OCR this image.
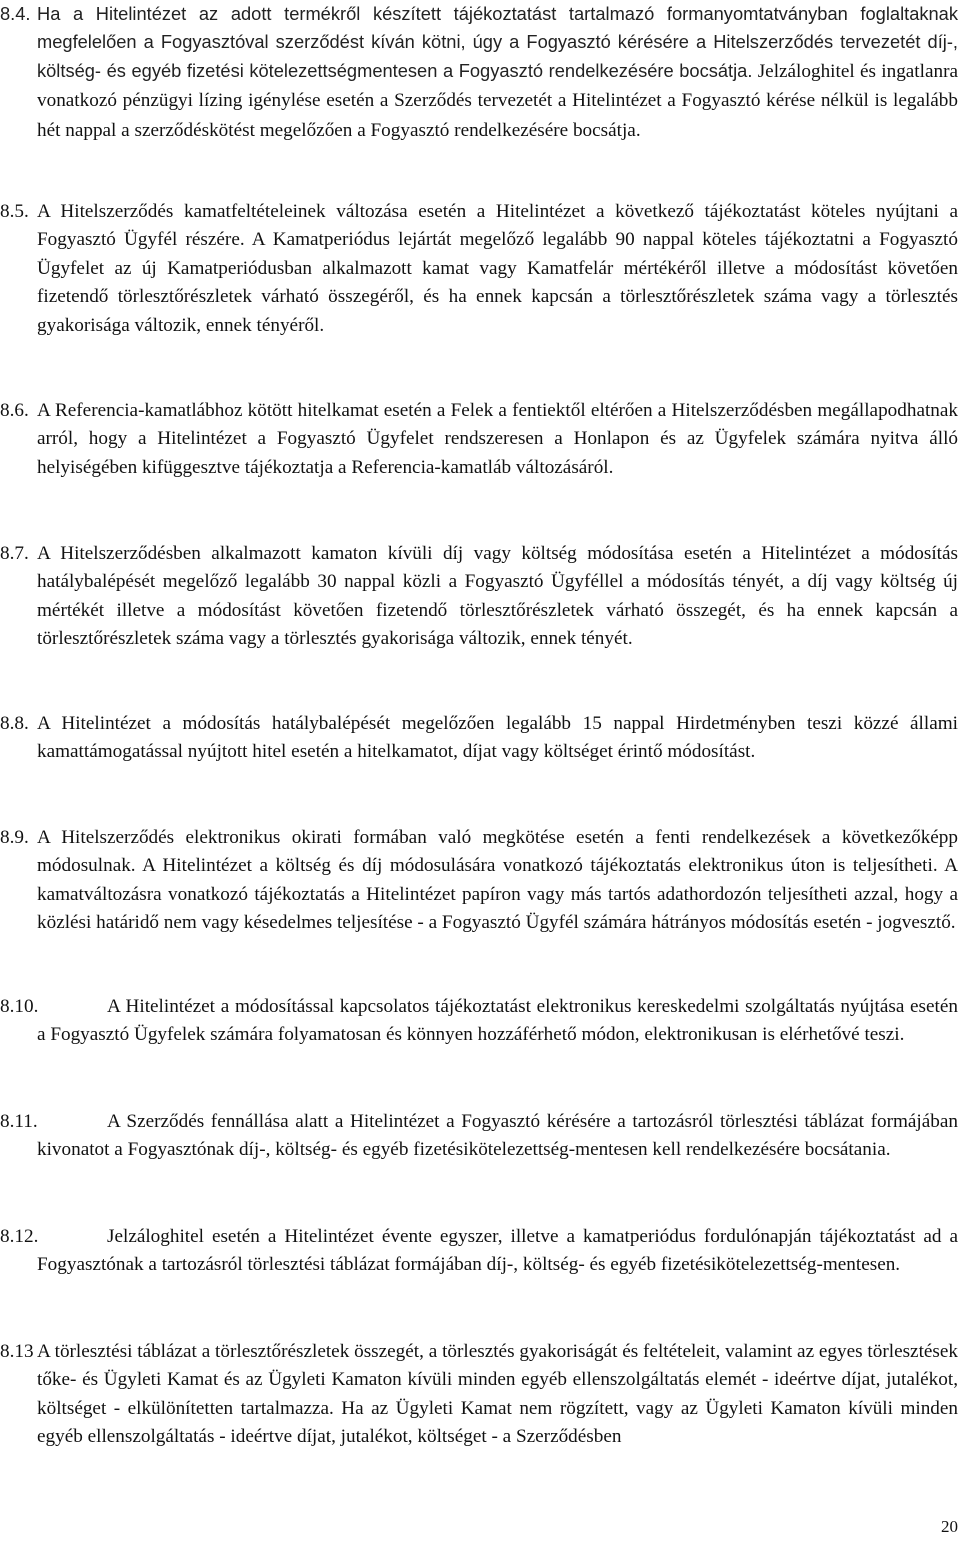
8.4. Ha a Hitelintézet az adott termékről készített tájékoztatást tartalmazó formanyomtatványban foglaltaknak megfelelően a Fogyasztóval szerződést kíván kötni, úgy a Fogyasztó kérésére a Hitelszerződés tervezetét díj-, költség- és egyéb fizetési kötelezettségmentesen a Fogyasztó rendelkezésére bocsátja. Jelzáloghitel és ingatlanra vonatkozó pénzügyi lízing igénylése esetén a Szerződés tervezetét a Hitelintézet a Fogyasztó kérése nélkül is legalább hét nappal a szerződéskötést megelőzően a Fogyasztó rendelkezésére bocsátja.

8.5. A Hitelszerződés kamatfeltételeinek változása esetén a Hitelintézet a következő tájékoztatást köteles nyújtani a Fogyasztó Ügyfél részére. A Kamatperiódus lejártát megelőző legalább 90 nappal köteles tájékoztatni a Fogyasztó Ügyfelet az új Kamatperiódusban alkalmazott kamat vagy Kamatfelár mértékéről illetve a módosítást követően fizetendő törlesztőrészletek várható összegéről, és ha ennek kapcsán a törlesztőrészletek száma vagy a törlesztés gyakorisága változik, ennek tényéről.

8.6. A Referencia-kamatlábhoz kötött hitelkamat esetén a Felek a fentiektől eltérően a Hitelszerződésben megállapodhatnak arról, hogy a Hitelintézet a Fogyasztó Ügyfelet rendszeresen a Honlapon és az Ügyfelek számára nyitva álló helyiségében kifüggesztve tájékoztatja a Referencia-kamatláb változásáról.

8.7. A Hitelszerződésben alkalmazott kamaton kívüli díj vagy költség módosítása esetén a Hitelintézet a módosítás hatálybalépését megelőző legalább 30 nappal közli a Fogyasztó Ügyféllel a módosítás tényét, a díj vagy költség új mértékét illetve a módosítást követően fizetendő törlesztőrészletek várható összegét, és ha ennek kapcsán a törlesztőrészletek száma vagy a törlesztés gyakorisága változik, ennek tényét.

8.8. A Hitelintézet a módosítás hatálybalépését megelőzően legalább 15 nappal Hirdetményben teszi közzé állami kamattámogatással nyújtott hitel esetén a hitelkamatot, díjat vagy költséget érintő módosítást.

8.9. A Hitelszerződés elektronikus okirati formában való megkötése esetén a fenti rendelkezések a következőképp módosulnak. A Hitelintézet a költség és díj módosulására vonatkozó tájékoztatás elektronikus úton is teljesítheti. A kamatváltozásra vonatkozó tájékoztatás a Hitelintézet papíron vagy más tartós adathordozón teljesítheti azzal, hogy a közlési határidő nem vagy késedelmes teljesítése - a Fogyasztó Ügyfél számára hátrányos módosítás esetén - jogvesztő.

8.10.	A Hitelintézet a módosítással kapcsolatos tájékoztatást elektronikus kereskedelmi szolgáltatás nyújtása esetén a Fogyasztó Ügyfelek számára folyamatosan és könnyen hozzáférhető módon, elektronikusan is elérhetővé teszi.

8.11.	A Szerződés fennállása alatt a Hitelintézet a Fogyasztó kérésére a tartozásról törlesztési táblázat formájában kivonatot a Fogyasztónak díj-, költség- és egyéb fizetésikötelezettség-mentesen kell rendelkezésére bocsátania.

8.12.	Jelzáloghitel esetén a Hitelintézet évente egyszer, illetve a kamatperiódus fordulónapján tájékoztatást ad a Fogyasztónak a tartozásról törlesztési táblázat formájában díj-, költség- és egyéb fizetésikötelezettség-mentesen.

8.13 A törlesztési táblázat a törlesztőrészletek összegét, a törlesztés gyakoriságát és feltételeit, valamint az egyes törlesztések tőke- és Ügyleti Kamat és az Ügyleti Kamaton kívüli minden egyéb ellenszolgáltatás elemét - ideértve díjat, jutalékot, költséget - elkülönítetten tartalmazza. Ha az Ügyleti Kamat nem rögzített, vagy az Ügyleti Kamaton kívüli minden egyéb ellenszolgáltatás - ideértve díjat, jutalékot, költséget - a Szerződésben

20
